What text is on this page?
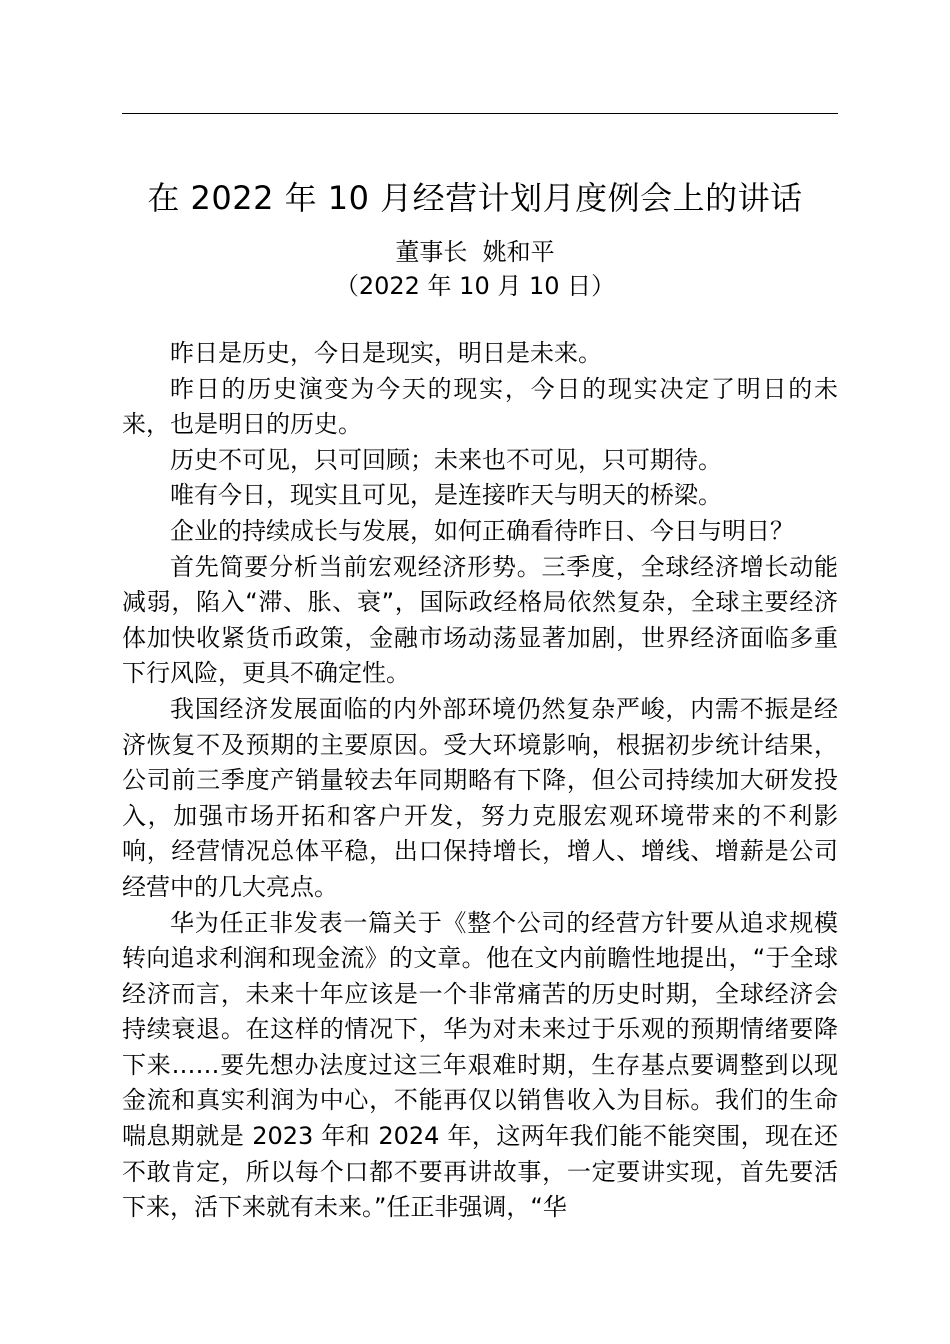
在 2022 年 10 月经营计划月度例会上的讲话
董事长  姚和平
（2022 年 10 月 10 日）

昨日是历史，今日是现实，明日是未来。

昨日的历史演变为今天的现实，今日的现实决定了明日的未来，也是明日的历史。

历史不可见，只可回顾；未来也不可见，只可期待。

唯有今日，现实且可见，是连接昨天与明天的桥梁。

企业的持续成长与发展，如何正确看待昨日、今日与明日？

首先简要分析当前宏观经济形势。三季度，全球经济增长动能减弱，陷入“滞、胀、衰”，国际政经格局依然复杂，全球主要经济体加快收紧货币政策，金融市场动荡显著加剧，世界经济面临多重下行风险，更具不确定性。

我国经济发展面临的内外部环境仍然复杂严峻，内需不振是经济恢复不及预期的主要原因。受大环境影响，根据初步统计结果，公司前三季度产销量较去年同期略有下降，但公司持续加大研发投入，加强市场开拓和客户开发，努力克服宏观环境带来的不利影响，经营情况总体平稳，出口保持增长，增人、增线、增薪是公司经营中的几大亮点。

华为任正非发表一篇关于《整个公司的经营方针要从追求规模转向追求利润和现金流》的文章。他在文内前瞻性地提出，“于全球经济而言，未来十年应该是一个非常痛苦的历史时期，全球经济会持续衰退。在这样的情况下，华为对未来过于乐观的预期情绪要降下来……要先想办法度过这三年艰难时期，生存基点要调整到以现金流和真实利润为中心，不能再仅以销售收入为目标。我们的生命喘息期就是 2023 年和 2024 年，这两年我们能不能突围，现在还不敢肯定，所以每个口都不要再讲故事，一定要讲实现，首先要活下来，活下来就有未来。”任正非强调，“华
